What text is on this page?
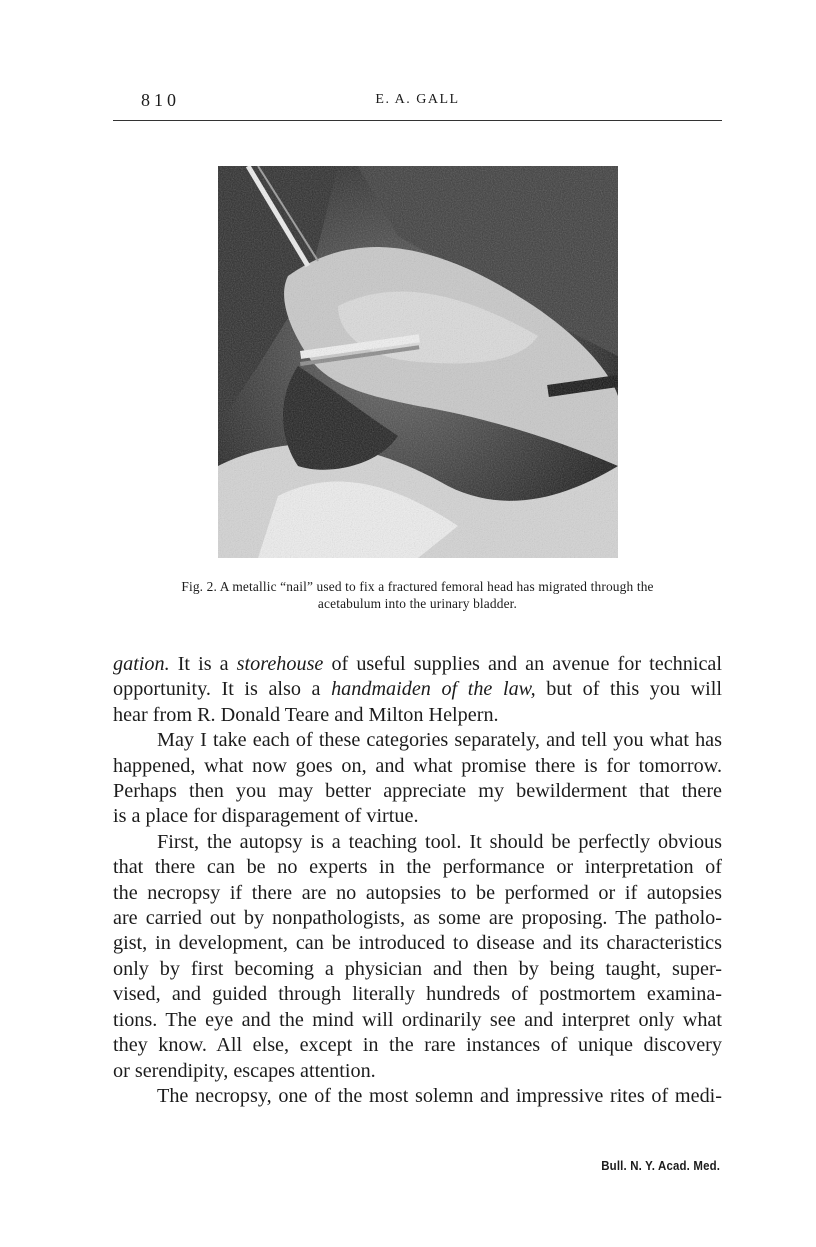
810	E. A. GALL

Fig. 2. A metallic “nail” used to fix a fractured femoral head has migrated through the

acetabulum into the urinary bladder.

gation. It is a storehouse of useful supplies and an avenue for technical

opportunity. It is also a handmaiden of the law, but of this you will

hear from R. Donald Teare and Milton Helpern.

May I take each of these categories separately, and tell you what has

happened, what now goes on, and what promise there is for tomorrow.

Perhaps then you may better appreciate my bewilderment that there

is a place for disparagement of virtue.

First, the autopsy is a teaching tool. It should be perfectly obvious

that there can be no experts in the performance or interpretation of

the necropsy if there are no autopsies to be performed or if autopsies

are carried out by nonpathologists, as some are proposing. The patholo-

gist, in development, can be introduced to disease and its characteristics

only by first becoming a physician and then by being taught, super-

vised, and guided through literally hundreds of postmortem examina-

tions. The eye and the mind will ordinarily see and interpret only what

they know. All else, except in the rare instances of unique discovery

or serendipity, escapes attention.

The necropsy, one of the most solemn and impressive rites of medi-

Bull. N. Y. Acad. Med.
